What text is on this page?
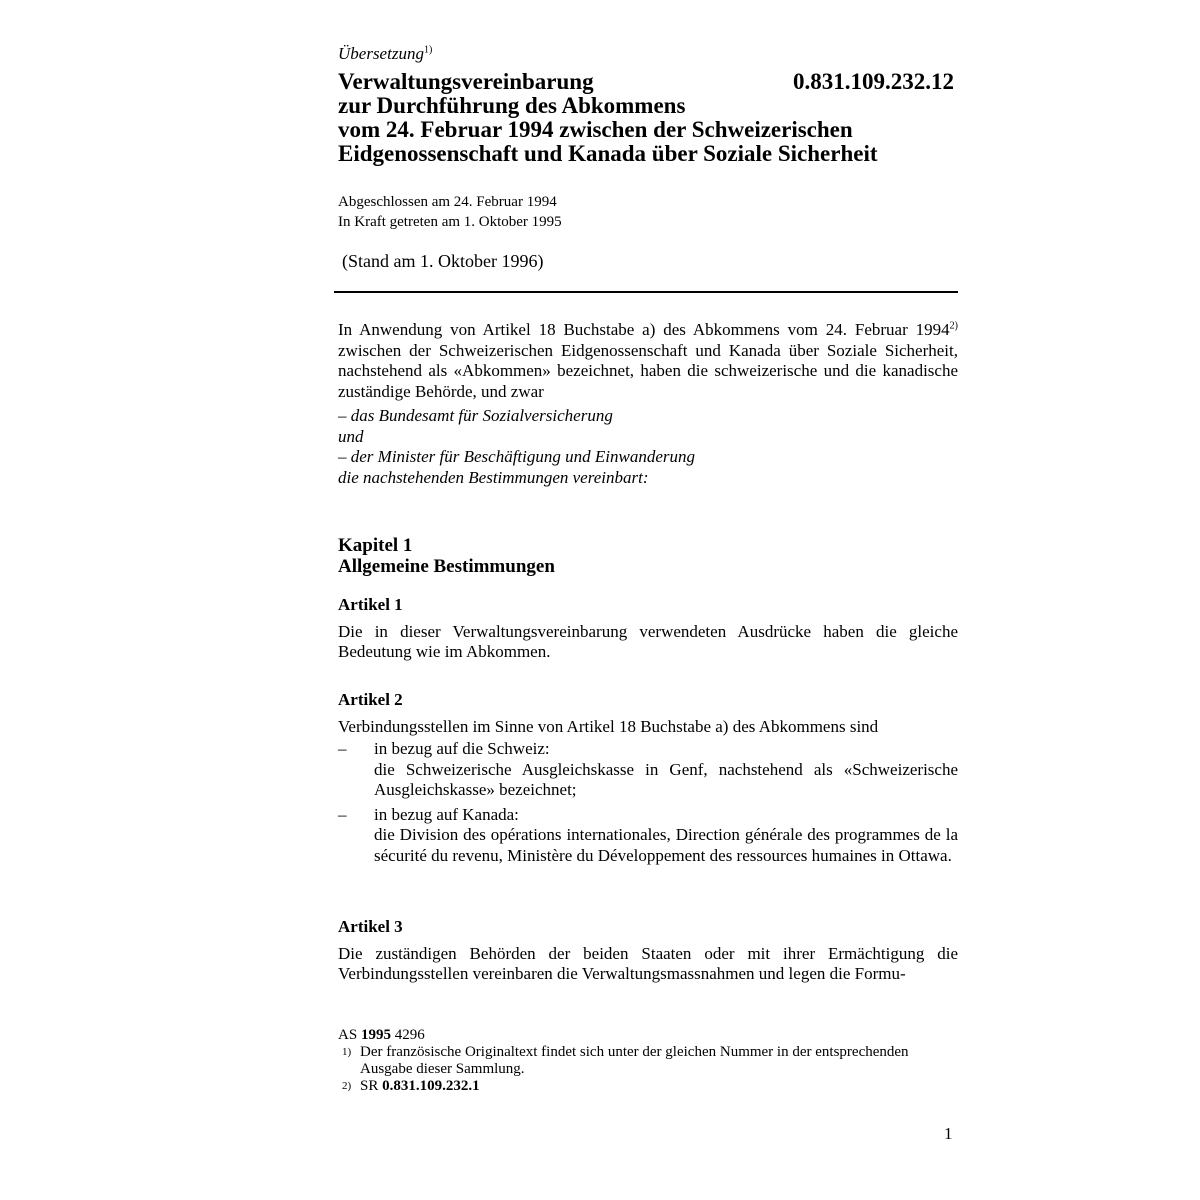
Übersetzung$^{1)}$
0.831.109.232.12
Verwaltungsvereinbarung
zur Durchführung des Abkommens
vom 24. Februar 1994 zwischen der Schweizerischen
Eidgenossenschaft und Kanada über Soziale Sicherheit
Abgeschlossen am 24. Februar 1994
In Kraft getreten am 1. Oktober 1995
(Stand am 1. Oktober 1996)

In Anwendung von Artikel 18 Buchstabe a) des Abkommens vom 24. Februar 1994$^{2)}$ zwischen der Schweizerischen Eidgenossenschaft und Kanada über Soziale Sicherheit, nachstehend als «Abkommen» bezeichnet, haben die schweizerische und die kanadische zuständige Behörde, und zwar

– das Bundesamt für Sozialversicherung

und

– der Minister für Beschäftigung und Einwanderung

die nachstehenden Bestimmungen vereinbart:

Kapitel 1
Allgemeine Bestimmungen
Artikel 1

Die in dieser Verwaltungsvereinbarung verwendeten Ausdrücke haben die gleiche Bedeutung wie im Abkommen.

Artikel 2

Verbindungsstellen im Sinne von Artikel 18 Buchstabe a) des Abkommens sind

– in bezug auf die Schweiz:
die Schweizerische Ausgleichskasse in Genf, nachstehend als «Schweizerische Ausgleichskasse» bezeichnet;
– in bezug auf Kanada:
die Division des opérations internationales, Direction générale des programmes de la sécurité du revenu, Ministère du Développement des ressources humaines in Ottawa.
Artikel 3

Die zuständigen Behörden der beiden Staaten oder mit ihrer Ermächtigung die Verbindungsstellen vereinbaren die Verwaltungsmassnahmen und legen die Formu-

AS 1995 4296
1) Der französische Originaltext findet sich unter der gleichen Nummer in der entsprechenden Ausgabe dieser Sammlung.
2) SR 0.831.109.232.1
1
